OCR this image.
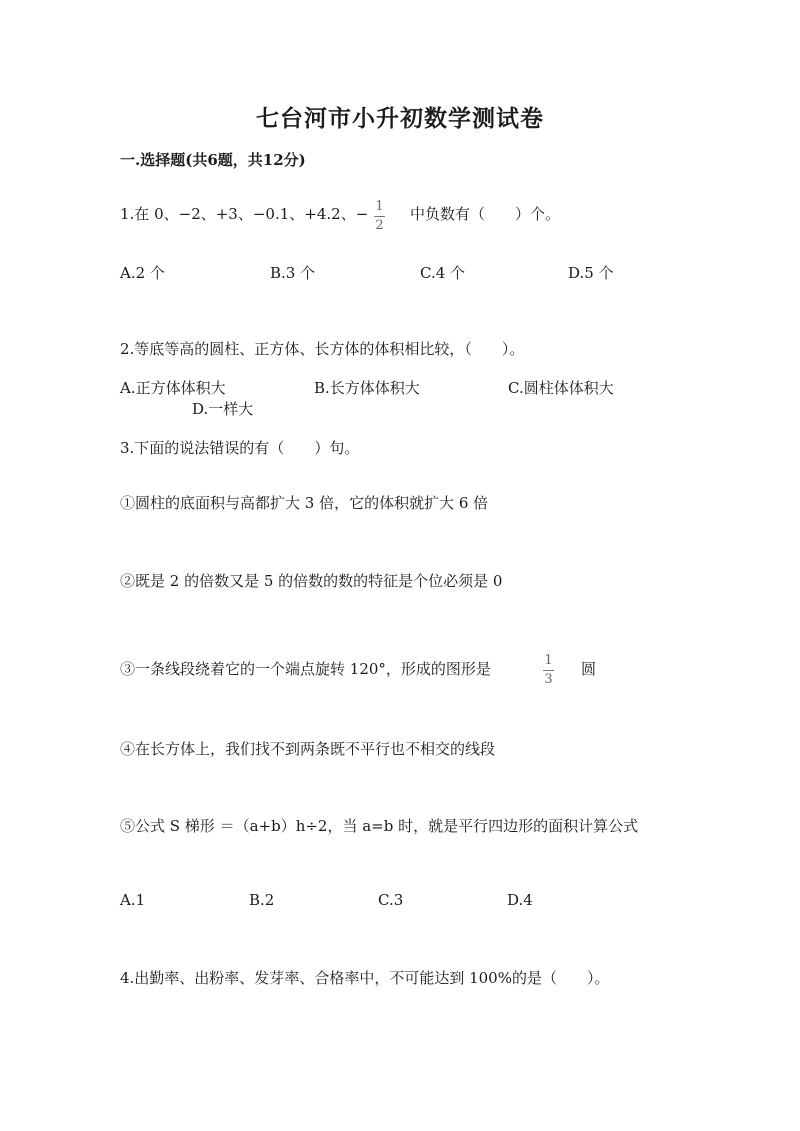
七台河市小升初数学测试卷
一.选择题(共6题，共12分)
1.在 0、−2、+3、−0.1、+4.2、− 1
2
中负数有（　　）个。
A.2 个	B.3 个	C.4 个	D.5 个
2.等底等高的圆柱、正方体、长方体的体积相比较，（　　）。
A.正方体体积大	B.长方体体积大	C.圆柱体体积大
D.一样大
3.下面的说法错误的有（　　）句。
①圆柱的底面积与高都扩大 3 倍，它的体积就扩大 6 倍
②既是 2 的倍数又是 5 的倍数的数的特征是个位必须是 0
③一条线段绕着它的一个端点旋转 120°，形成的图形是	1
3
圆
④在长方体上，我们找不到两条既不平行也不相交的线段
⑤公式 S 梯形 ＝（a+b）h÷2，当 a=b 时，就是平行四边形的面积计算公式
A.1	B.2	C.3	D.4
4.出勤率、出粉率、发芽率、合格率中，不可能达到 100%的是（　　）。
